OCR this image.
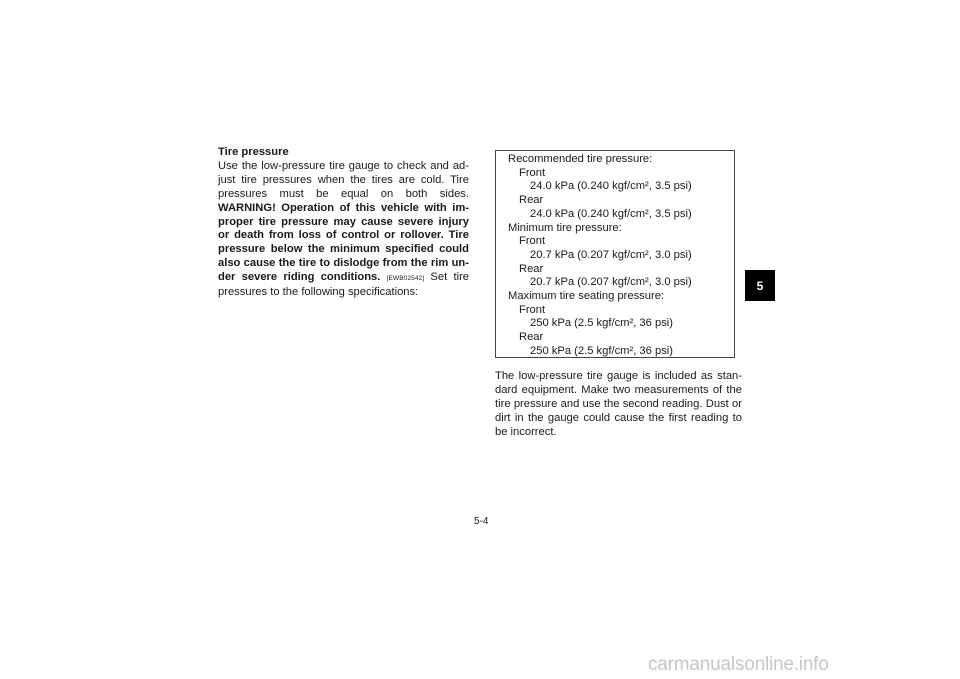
Tire pressure

Use the low-pressure tire gauge to check and ad-just tire pressures when the tires are cold. Tire pressures must be equal on both sides. WARNING! Operation of this vehicle with im-proper tire pressure may cause severe injury or death from loss of control or rollover. Tire pressure below the minimum specified could also cause the tire to dislodge from the rim un-der severe riding conditions. [EWB02542] Set tire pressures to the following specifications:

Recommended tire pressure:
Front
24.0 kPa (0.240 kgf/cm², 3.5 psi)
Rear
24.0 kPa (0.240 kgf/cm², 3.5 psi)
Minimum tire pressure:
Front
20.7 kPa (0.207 kgf/cm², 3.0 psi)
Rear
20.7 kPa (0.207 kgf/cm², 3.0 psi)
Maximum tire seating pressure:
Front
250 kPa (2.5 kgf/cm², 36 psi)
Rear
250 kPa (2.5 kgf/cm², 36 psi)

The low-pressure tire gauge is included as stan-dard equipment. Make two measurements of the tire pressure and use the second reading. Dust or dirt in the gauge could cause the first reading to be incorrect.

5-4
5
carmanualsonline.info
